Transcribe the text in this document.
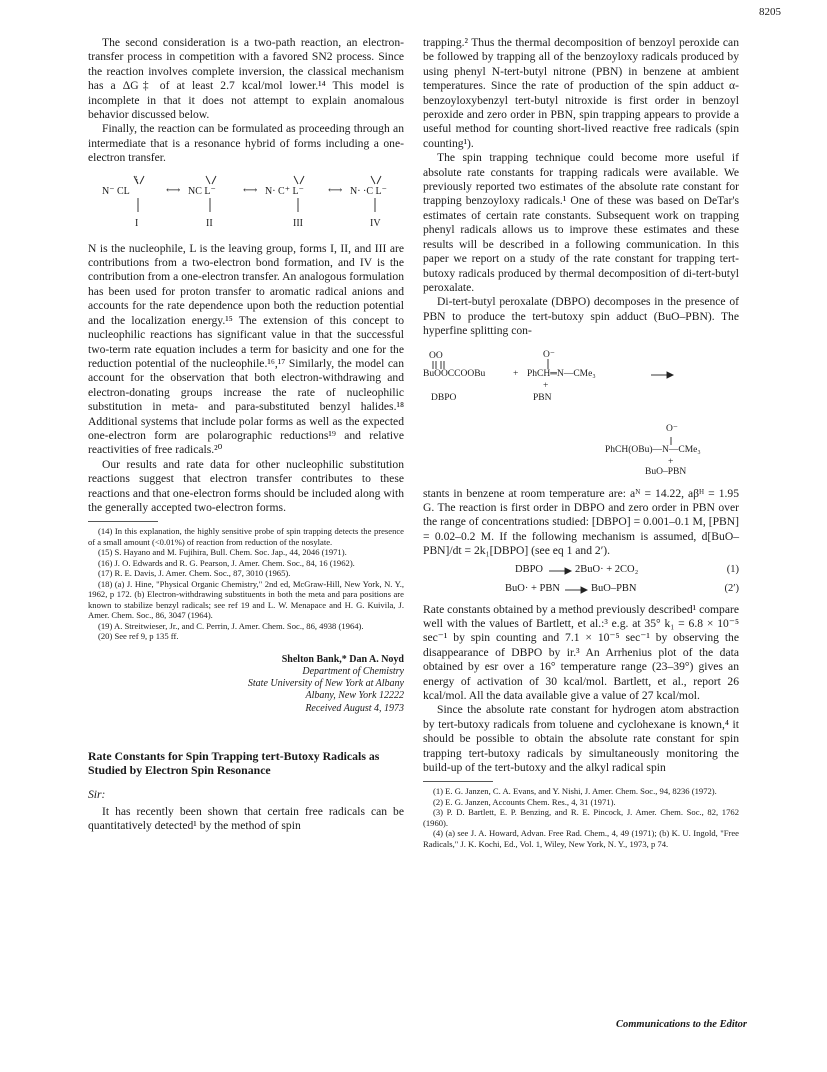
8205

The second consideration is a two-path reaction, an electron-transfer process in competition with a favored SN2 process. Since the reaction involves complete inversion, the classical mechanism has a ΔG‡ of at least 2.7 kcal/mol lower.¹⁴ This model is incomplete in that it does not attempt to explain anomalous behavior discussed below.

Finally, the reaction can be formulated as proceeding through an intermediate that is a resonance hybrid of forms including a one-electron transfer.

N⁻ CL	⟷ NC L⁻	⟷ N· C⁺ L⁻ ⟷ N· ·C L⁻
I	II	III	IV

N is the nucleophile, L is the leaving group, forms I, II, and III are contributions from a two-electron bond formation, and IV is the contribution from a one-electron transfer. An analogous formulation has been used for proton transfer to aromatic radical anions and accounts for the rate dependence upon both the reduction potential and the localization energy.¹⁵ The extension of this concept to nucleophilic reactions has significant value in that the successful two-term rate equation includes a term for basicity and one for the reduction potential of the nucleophile.¹⁶,¹⁷ Similarly, the model can account for the observation that both electron-withdrawing and electron-donating groups increase the rate of nucleophilic substitution in meta- and para-substituted benzyl halides.¹⁸ Additional systems that include polar forms as well as the expected one-electron form are polarographic reductions¹⁹ and relative reactivities of free radicals.²⁰

Our results and rate data for other nucleophilic substitution reactions suggest that electron transfer contributes to these reactions and that one-electron forms should be included along with the generally accepted two-electron forms.

(14) In this explanation, the highly sensitive probe of spin trapping detects the presence of a small amount (<0.01%) of reaction from reduction of the nosylate.

(15) S. Hayano and M. Fujihira, Bull. Chem. Soc. Jap., 44, 2046 (1971).

(16) J. O. Edwards and R. G. Pearson, J. Amer. Chem. Soc., 84, 16 (1962).

(17) R. E. Davis, J. Amer. Chem. Soc., 87, 3010 (1965).

(18) (a) J. Hine, "Physical Organic Chemistry," 2nd ed, McGraw-Hill, New York, N. Y., 1962, p 172. (b) Electron-withdrawing substituents in both the meta and para positions are known to stabilize benzyl radicals; see ref 19 and L. W. Menapace and H. G. Kuivila, J. Amer. Chem. Soc., 86, 3047 (1964).

(19) A. Streitwieser, Jr., and C. Perrin, J. Amer. Chem. Soc., 86, 4938 (1964).

(20) See ref 9, p 135 ff.

Shelton Bank,* Dan A. Noyd
Department of Chemistry
State University of New York at Albany
Albany, New York 12222
Received August 4, 1973
Rate Constants for Spin Trapping tert-Butoxy Radicals as Studied by Electron Spin Resonance
Sir:

It has recently been shown that certain free radicals can be quantitatively detected¹ by the method of spin

trapping.² Thus the thermal decomposition of benzoyl peroxide can be followed by trapping all of the benzoyloxy radicals produced by using phenyl N-tert-butyl nitrone (PBN) in benzene at ambient temperatures. Since the rate of production of the spin adduct α-benzoyloxybenzyl tert-butyl nitroxide is first order in benzoyl peroxide and zero order in PBN, spin trapping appears to provide a useful method for counting short-lived reactive free radicals (spin counting¹).

The spin trapping technique could become more useful if absolute rate constants for trapping radicals were available. We previously reported two estimates of the absolute rate constant for trapping benzoyloxy radicals.¹ One of these was based on DeTar's estimates of certain rate constants. Subsequent work on trapping phenyl radicals allows us to improve these estimates and these results will be described in a following communication. In this paper we report on a study of the rate constant for trapping tert-butoxy radicals produced by thermal decomposition of di-tert-butyl peroxalate.

Di-tert-butyl peroxalate (DBPO) decomposes in the presence of PBN to produce the tert-butoxy spin adduct (BuO–PBN). The hyperfine splitting con-

OO
BuOOCCOOBu	+ PhCH═N—CMe₃
O⁻
+
DBPO	PBN
O⁻
PhCH(OBu)—N—CMe₃
+
BuO–PBN

stants in benzene at room temperature are: aᴺ = 14.22, aβᴴ = 1.95 G. The reaction is first order in DBPO and zero order in PBN over the range of concentrations studied: [DBPO] = 0.001–0.1 M, [PBN] = 0.02–0.2 M. If the following mechanism is assumed, d[BuO–PBN]/dt = 2k₁[DBPO] (see eq 1 and 2′).

DBPO	2BuO· + 2CO₂	(1)
BuO· + PBN	BuO–PBN	(2′)

Rate constants obtained by a method previously described¹ compare well with the values of Bartlett, et al.:³ e.g. at 35° k₁ = 6.8 × 10⁻⁵ sec⁻¹ by spin counting and 7.1 × 10⁻⁵ sec⁻¹ by observing the disappearance of DBPO by ir.³ An Arrhenius plot of the data obtained by esr over a 16° temperature range (23–39°) gives an energy of activation of 30 kcal/mol. Bartlett, et al., report 26 kcal/mol. All the data available give a value of 27 kcal/mol.

Since the absolute rate constant for hydrogen atom abstraction by tert-butoxy radicals from toluene and cyclohexane is known,⁴ it should be possible to obtain the absolute rate constant for spin trapping tert-butoxy radicals by simultaneously monitoring the build-up of the tert-butoxy and the alkyl radical spin

(1) E. G. Janzen, C. A. Evans, and Y. Nishi, J. Amer. Chem. Soc., 94, 8236 (1972).

(2) E. G. Janzen, Accounts Chem. Res., 4, 31 (1971).

(3) P. D. Bartlett, E. P. Benzing, and R. E. Pincock, J. Amer. Chem. Soc., 82, 1762 (1960).

(4) (a) see J. A. Howard, Advan. Free Rad. Chem., 4, 49 (1971); (b) K. U. Ingold, "Free Radicals," J. K. Kochi, Ed., Vol. 1, Wiley, New York, N. Y., 1973, p 74.

Communications to the Editor
